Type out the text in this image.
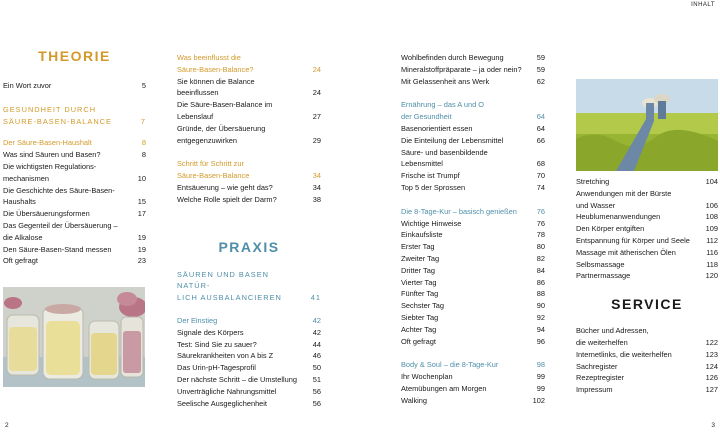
INHALT
THEORIE
Ein Wort zuvor	5
GESUNDHEIT DURCH
SÄURE-BASEN-BALANCE	7
Der Säure-Basen-Haushalt	8
Was sind Säuren und Basen?	8
Die wichtigsten Regulations-
mechanismen	10
Die Geschichte des Säure-Basen-
Haushalts	15
Die Übersäuerungsformen	17
Das Gegenteil der Übersäuerung –
die Alkalose	19
Den Säure-Basen-Stand messen	19
Oft gefragt	23
Was beeinflusst die
Säure-Basen-Balance?	24
Sie können die Balance
beeinflussen	24
Die Säure-Basen-Balance im
Lebenslauf	27
Gründe, der Übersäuerung
entgegenzuwirken	29
Schritt für Schritt zur
Säure-Basen-Balance	34
Entsäuerung – wie geht das?	34
Welche Rolle spielt der Darm?	38
PRAXIS
SÄUREN UND BASEN NATÜR-
LICH AUSBALANCIEREN	41
Der Einstieg	42
Signale des Körpers	42
Test: Sind Sie zu sauer?	44
Säurekrankheiten von A bis Z	46
Das Urin-pH-Tagesprofil	50
Der nächste Schritt – die Umstellung	51
Unverträgliche Nahrungsmittel	56
Seelische Ausgeglichenheit	56
Wohlbefinden durch Bewegung	59
Mineralstoffpräparate – ja oder nein?	59
Mit Gelassenheit ans Werk	62
Ernährung – das A und O
der Gesundheit	64
Basenorientiert essen	64
Die Einteilung der Lebensmittel	66
Säure- und basenbildende
Lebensmittel	68
Frische ist Trumpf	70
Top 5 der Sprossen	74
Die 8-Tage-Kur – basisch genießen	76
Wichtige Hinweise	76
Einkaufsliste	78
Erster Tag	80
Zweiter Tag	82
Dritter Tag	84
Vierter Tag	86
Fünfter Tag	88
Sechster Tag	90
Siebter Tag	92
Achter Tag	94
Oft gefragt	96
Body & Soul – die 8-Tage-Kur	98
Ihr Wochenplan	99
Atemübungen am Morgen	99
Walking	102
Stretching	104
Anwendungen mit der Bürste
und Wasser	106
Heublumenanwendungen	108
Den Körper entgiften	109
Entspannung für Körper und Seele	112
Massage mit ätherischen Ölen	116
Selbsmassage	118
Partnermassage	120
SERVICE
Bücher und Adressen,
die weiterhelfen	122
Internetlinks, die weiterhelfen	123
Sachregister	124
Rezeptregister	126
Impressum	127
2	3
